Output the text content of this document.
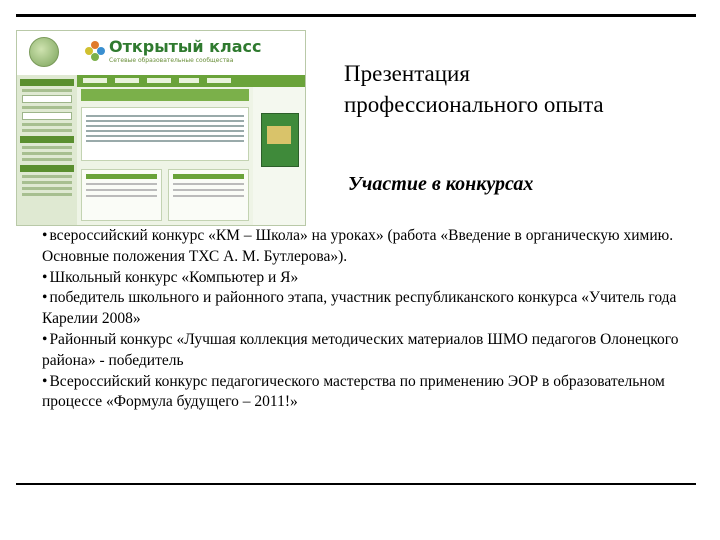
Открытый класс
Сетевые образовательные сообщества
Презентация
профессионального опыта
Участие в конкурсах
• всероссийский конкурс «КМ – Школа» на уроках» (работа «Введение в органическую химию. Основные положения ТХС А. М. Бутлерова»).
• Школьный конкурс «Компьютер и Я»
• победитель школьного и районного этапа, участник республиканского конкурса «Учитель года Карелии 2008»
• Районный конкурс «Лучшая коллекция методических материалов ШМО педагогов Олонецкого района» - победитель
• Всероссийский конкурс педагогического мастерства по применению ЭОР в образовательном процессе «Формула будущего – 2011!»
